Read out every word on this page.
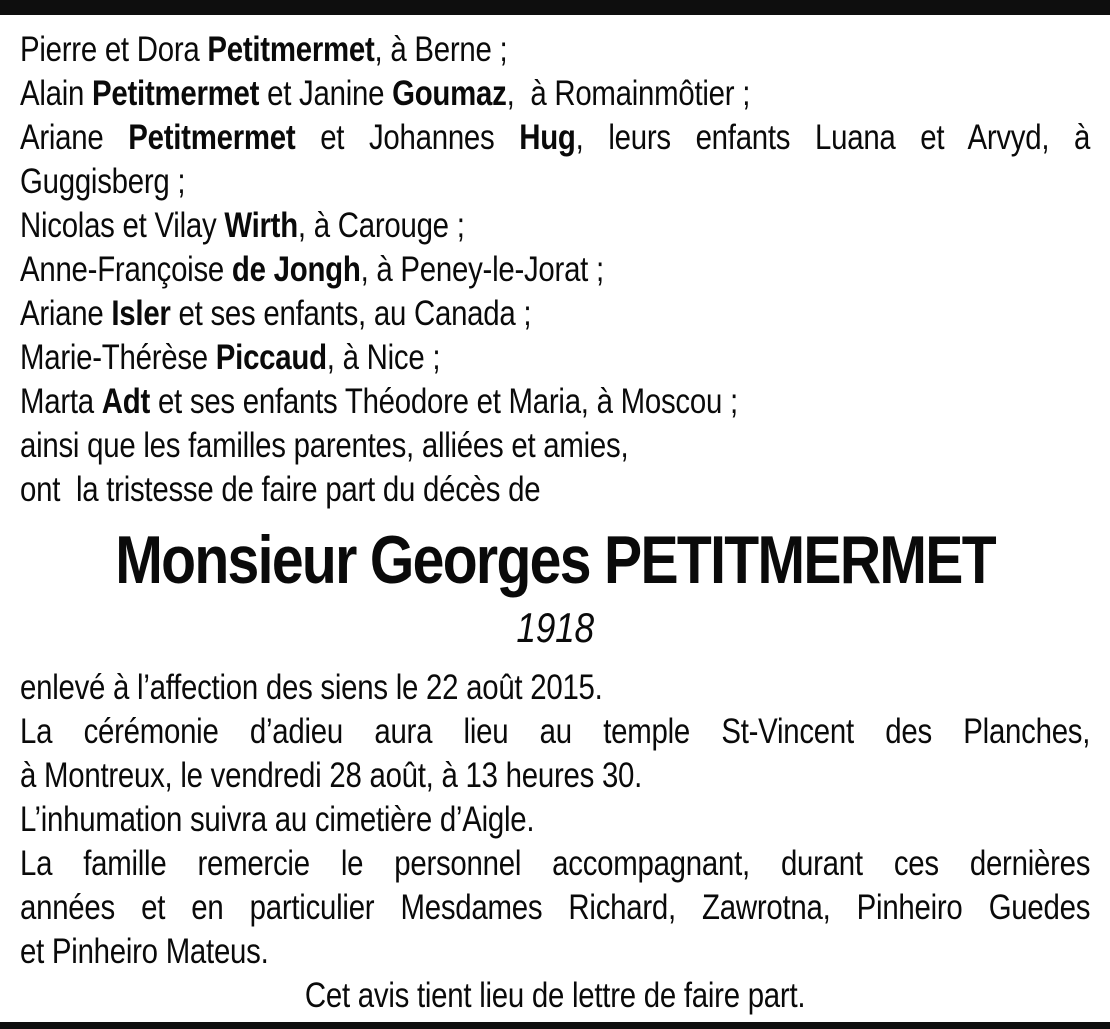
Pierre et Dora Petitmermet, à Berne ;
Alain Petitmermet et Janine Goumaz,  à Romainmôtier ;
Ariane Petitmermet et Johannes Hug, leurs enfants Luana et Arvyd, à
Guggisberg ;
Nicolas et Vilay Wirth, à Carouge ;
Anne-Françoise de Jongh, à Peney-le-Jorat ;
Ariane Isler et ses enfants, au Canada ;
Marie-Thérèse Piccaud, à Nice ;
Marta Adt et ses enfants Théodore et Maria, à Moscou ;
ainsi que les familles parentes, alliées et amies,
ont  la tristesse de faire part du décès de
Monsieur Georges PETITMERMET
1918
enlevé à l’affection des siens le 22 août 2015.
La cérémonie d’adieu aura lieu au temple St-Vincent des Planches,
à Montreux, le vendredi 28 août, à 13 heures 30.
L’inhumation suivra au cimetière d’Aigle.
La famille remercie le personnel accompagnant, durant ces dernières
années et en particulier Mesdames Richard, Zawrotna, Pinheiro Guedes
et Pinheiro Mateus.
Cet avis tient lieu de lettre de faire part.
